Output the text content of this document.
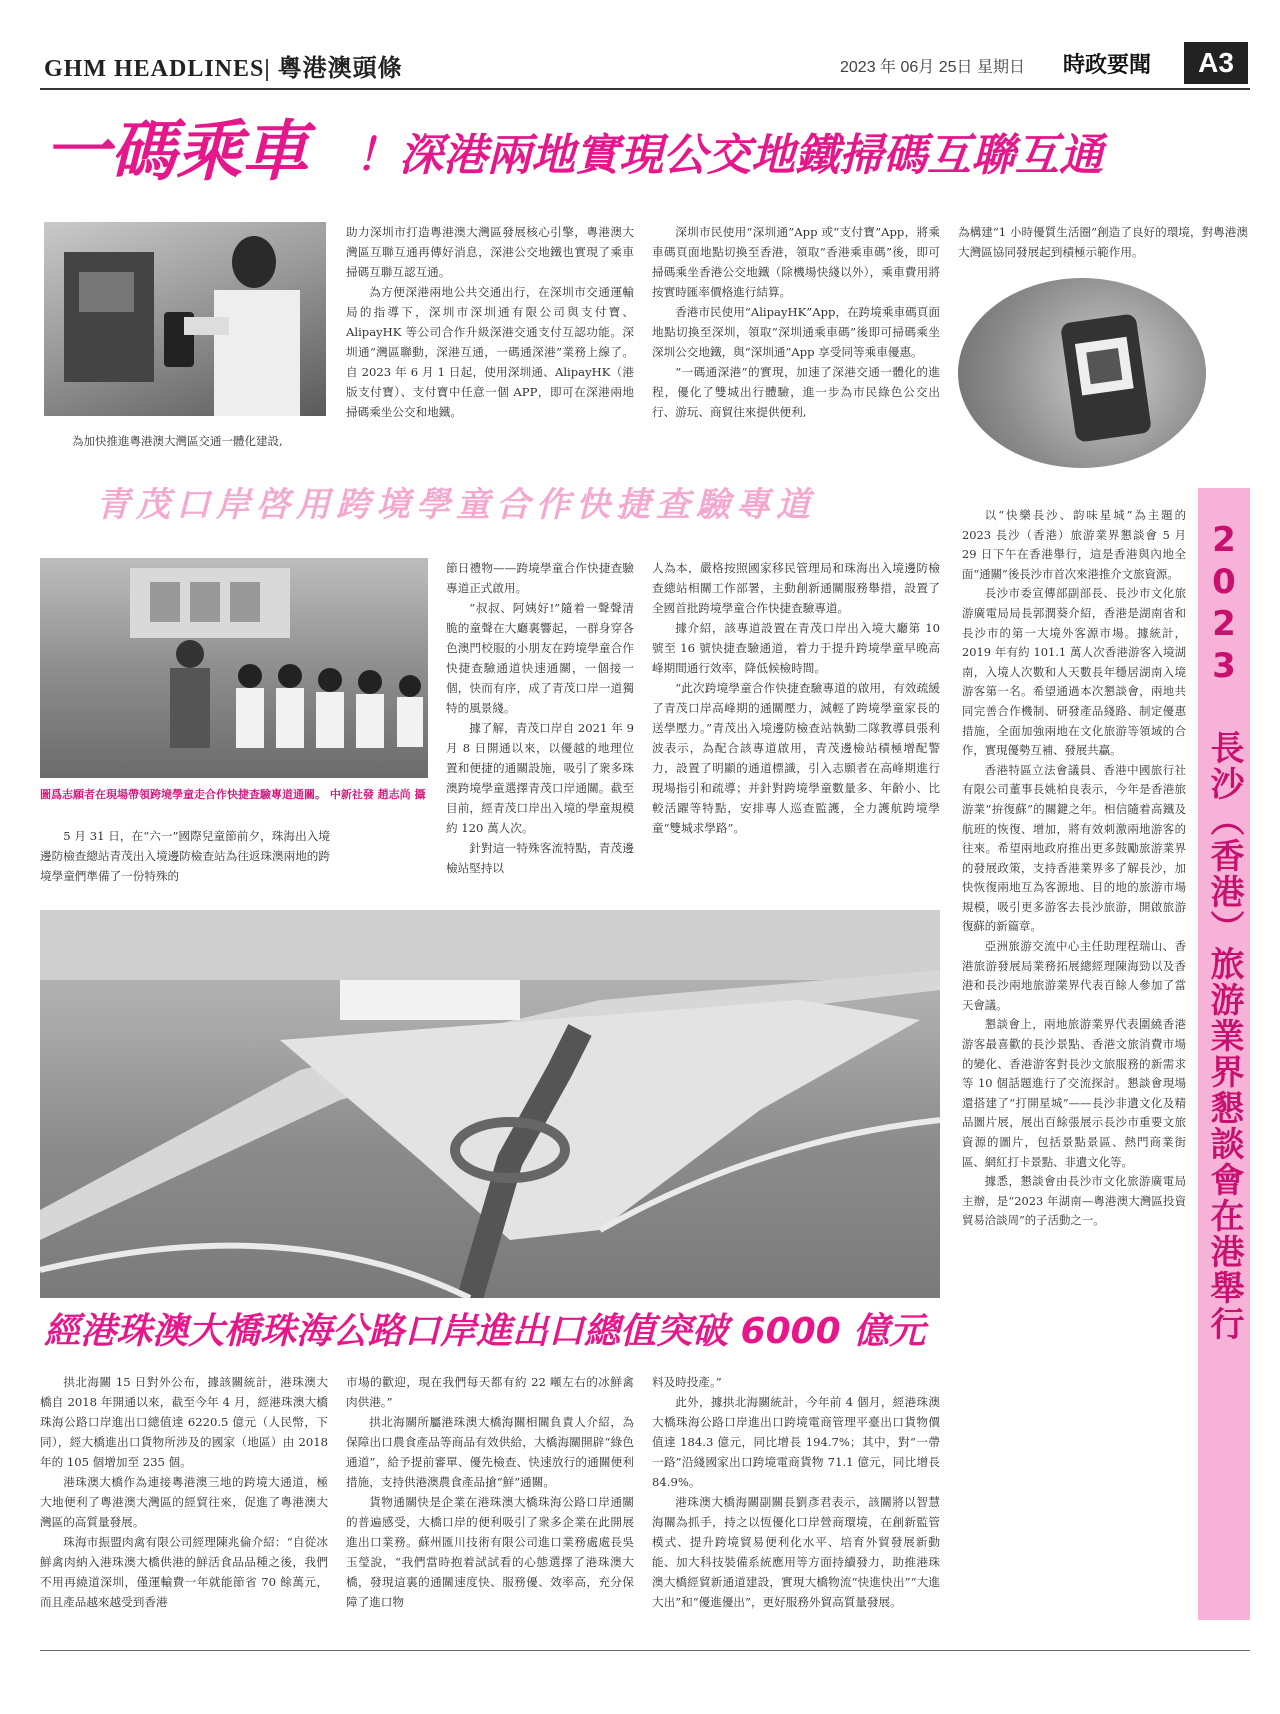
GHM HEADLINES| 粵港澳頭條	2023 年 06月 25日 星期日 時政要聞	A3
一碼乘車 ！深港兩地實現公交地鐵掃碼互聯互通
為加快推進粵港澳大灣區交通一體化建設,

助力深圳市打造粵港澳大灣區發展核心引擎，粵港澳大灣區互聯互通再傳好消息，深港公交地鐵也實現了乘車掃碼互聯互認互通。

為方便深港兩地公共交通出行，在深圳市交通運輸局的指導下，深圳市深圳通有限公司與支付寶、AlipayHK 等公司合作升級深港交通支付互認功能。深圳通“灣區聯動，深港互通，一碼通深港”業務上線了。自 2023 年 6 月 1 日起，使用深圳通、AlipayHK（港版支付寶）、支付寶中任意一個 APP，即可在深港兩地掃碼乘坐公交和地鐵。

深圳市民使用“深圳通”App 或“支付寶”App，將乘車碼頁面地點切換至香港，領取“香港乘車碼”後，即可掃碼乘坐香港公交地鐵（除機場快綫以外），乘車費用將按實時匯率價格進行結算。

香港市民使用“AlipayHK”App，在跨境乘車碼頁面地點切換至深圳，領取“深圳通乘車碼”後即可掃碼乘坐深圳公交地鐵，與“深圳通”App 享受同等乘車優惠。

“一碼通深港”的實現，加速了深港交通一體化的進程，優化了雙城出行體驗，進一步為市民綠色公交出行、游玩、商貿往來提供便利,

為構建“1 小時優質生活圈”創造了良好的環境，對粵港澳大灣區協同發展起到積極示範作用。

青茂口岸啓用跨境學童合作快捷查驗專道
圖爲志願者在現場帶領跨境學童走合作快捷查驗專道通關。 中新社發 趙志尚 攝

5 月 31 日，在“六一”國際兒童節前夕，珠海出入境邊防檢查總站青茂出入境邊防檢查站為往返珠澳兩地的跨境學童們準備了一份特殊的

節日禮物——跨境學童合作快捷查驗專道正式啟用。

“叔叔、阿姨好!”隨着一聲聲清脆的童聲在大廳裏響起，一群身穿各色澳門校服的小朋友在跨境學童合作快捷查驗通道快速通關，一個接一個，快而有序，成了青茂口岸一道獨特的風景綫。

據了解，青茂口岸自 2021 年 9 月 8 日開通以來，以優越的地理位置和便捷的通關設施，吸引了衆多珠澳跨境學童選擇青茂口岸通關。截至目前，經青茂口岸出入境的學童規模約 120 萬人次。

針對這一特殊客流特點，青茂邊檢站堅持以

人為本，嚴格按照國家移民管理局和珠海出入境邊防檢查總站相關工作部署，主動創新通關服務舉措，設置了全國首批跨境學童合作快捷查驗專道。

據介紹，該專道設置在青茂口岸出入境大廳第 10 號至 16 號快捷查驗通道，着力于提升跨境學童早晚高峰期間通行效率，降低候檢時間。

“此次跨境學童合作快捷查驗專道的啟用，有效疏緩了青茂口岸高峰期的通關壓力，減輕了跨境學童家長的送學壓力。”青茂出入境邊防檢查站執勤二隊教導員張利波表示，為配合該專道啟用，青茂邊檢站積極增配警力，設置了明顯的通道標識，引入志願者在高峰期進行現場指引和疏導；并針對跨境學童數量多、年齡小、比較活躍等特點，安排專人巡查監護，全力護航跨境學童“雙城求學路”。

經港珠澳大橋珠海公路口岸進出口總值突破 6000 億元

拱北海關 15 日對外公布，據該關統計，港珠澳大橋自 2018 年開通以來，截至今年 4 月，經港珠澳大橋珠海公路口岸進出口總值達 6220.5 億元（人民幣，下同），經大橋進出口貨物所涉及的國家（地區）由 2018 年的 105 個增加至 235 個。

港珠澳大橋作為連接粵港澳三地的跨境大通道，極大地便利了粵港澳大灣區的經貿往來，促進了粵港澳大灣區的高質量發展。

珠海市振盟肉禽有限公司經理陳兆倫介紹：“自從冰鮮禽肉納入港珠澳大橋供港的鮮活食品品種之後，我們不用再繞道深圳，僅運輸費一年就能節省 70 餘萬元，而且產品越來越受到香港

市場的歡迎，現在我們每天都有約 22 噸左右的冰鮮禽肉供港。”

拱北海關所屬港珠澳大橋海關相關負責人介紹，為保障出口農食產品等商品有效供給，大橋海關開辟“綠色通道”，給予提前審單、優先檢查、快速放行的通關便利措施，支持供港澳農食產品搶“鮮”通關。

貨物通關快是企業在港珠澳大橋珠海公路口岸通關的普遍感受，大橋口岸的便利吸引了衆多企業在此開展進出口業務。蘇州匯川技術有限公司進口業務處處長吳玉瑩說，“我們當時抱着試試看的心態選擇了港珠澳大橋，發現這裏的通關速度快、服務優、效率高，充分保障了進口物

料及時投產。”

此外，據拱北海關統計，今年前 4 個月，經港珠澳大橋珠海公路口岸進出口跨境電商管理平臺出口貨物價值達 184.3 億元，同比增長 194.7%；其中，對“一帶一路”沿綫國家出口跨境電商貨物 71.1 億元，同比增長 84.9%。

港珠澳大橋海關副關長劉彥君表示，該關將以智慧海關為抓手，持之以恆優化口岸營商環境，在創新監管模式、提升跨境貿易便利化水平、培育外貿發展新動能、加大科技裝備系統應用等方面持續發力，助推港珠澳大橋經貿新通道建設，實現大橋物流“快進快出”“大進大出”和“優進優出”，更好服務外貿高質量發展。

2023 長沙（香港）旅游業界懇談會在港舉行

以“快樂長沙、韵味星城”為主題的 2023 長沙（香港）旅游業界懇談會 5 月 29 日下午在香港舉行，這是香港與內地全面“通關”後長沙市首次來港推介文旅資源。

長沙市委宣傳部副部長、長沙市文化旅游廣電局局長郭潤葵介紹，香港是湖南省和長沙市的第一大境外客源市場。據統計，2019 年有約 101.1 萬人次香港游客入境湖南，入境人次數和人天數長年穩居湖南入境游客第一名。希望通過本次懇談會，兩地共同完善合作機制、研發產品綫路、制定優惠措施，全面加強兩地在文化旅游等領域的合作，實現優勢互補、發展共贏。

香港特區立法會議員、香港中國旅行社有限公司董事長姚柏良表示，今年是香港旅游業“拚復蘇”的關鍵之年。相信隨着高鐵及航班的恢復、增加，將有效刺激兩地游客的往來。希望兩地政府推出更多鼓勵旅游業界的發展政策，支持香港業界多了解長沙，加快恢復兩地互為客源地、目的地的旅游市場規模，吸引更多游客去長沙旅游，開啟旅游復蘇的新篇章。

亞洲旅游交流中心主任助理程瑞山、香港旅游發展局業務拓展總經理陳海勁以及香港和長沙兩地旅游業界代表百餘人參加了當天會議。

懇談會上，兩地旅游業界代表圍繞香港游客最喜歡的長沙景點、香港文旅消費市場的變化、香港游客對長沙文旅服務的新需求等 10 個話題進行了交流探討。懇談會現場還搭建了“打開星城”——長沙非遺文化及精品圖片展，展出百餘張展示長沙市重要文旅資源的圖片，包括景點景區、熱門商業街區、網紅打卡景點、非遺文化等。

據悉，懇談會由長沙市文化旅游廣電局主辦，是“2023 年湖南—粵港澳大灣區投資貿易洽談周”的子活動之一。
